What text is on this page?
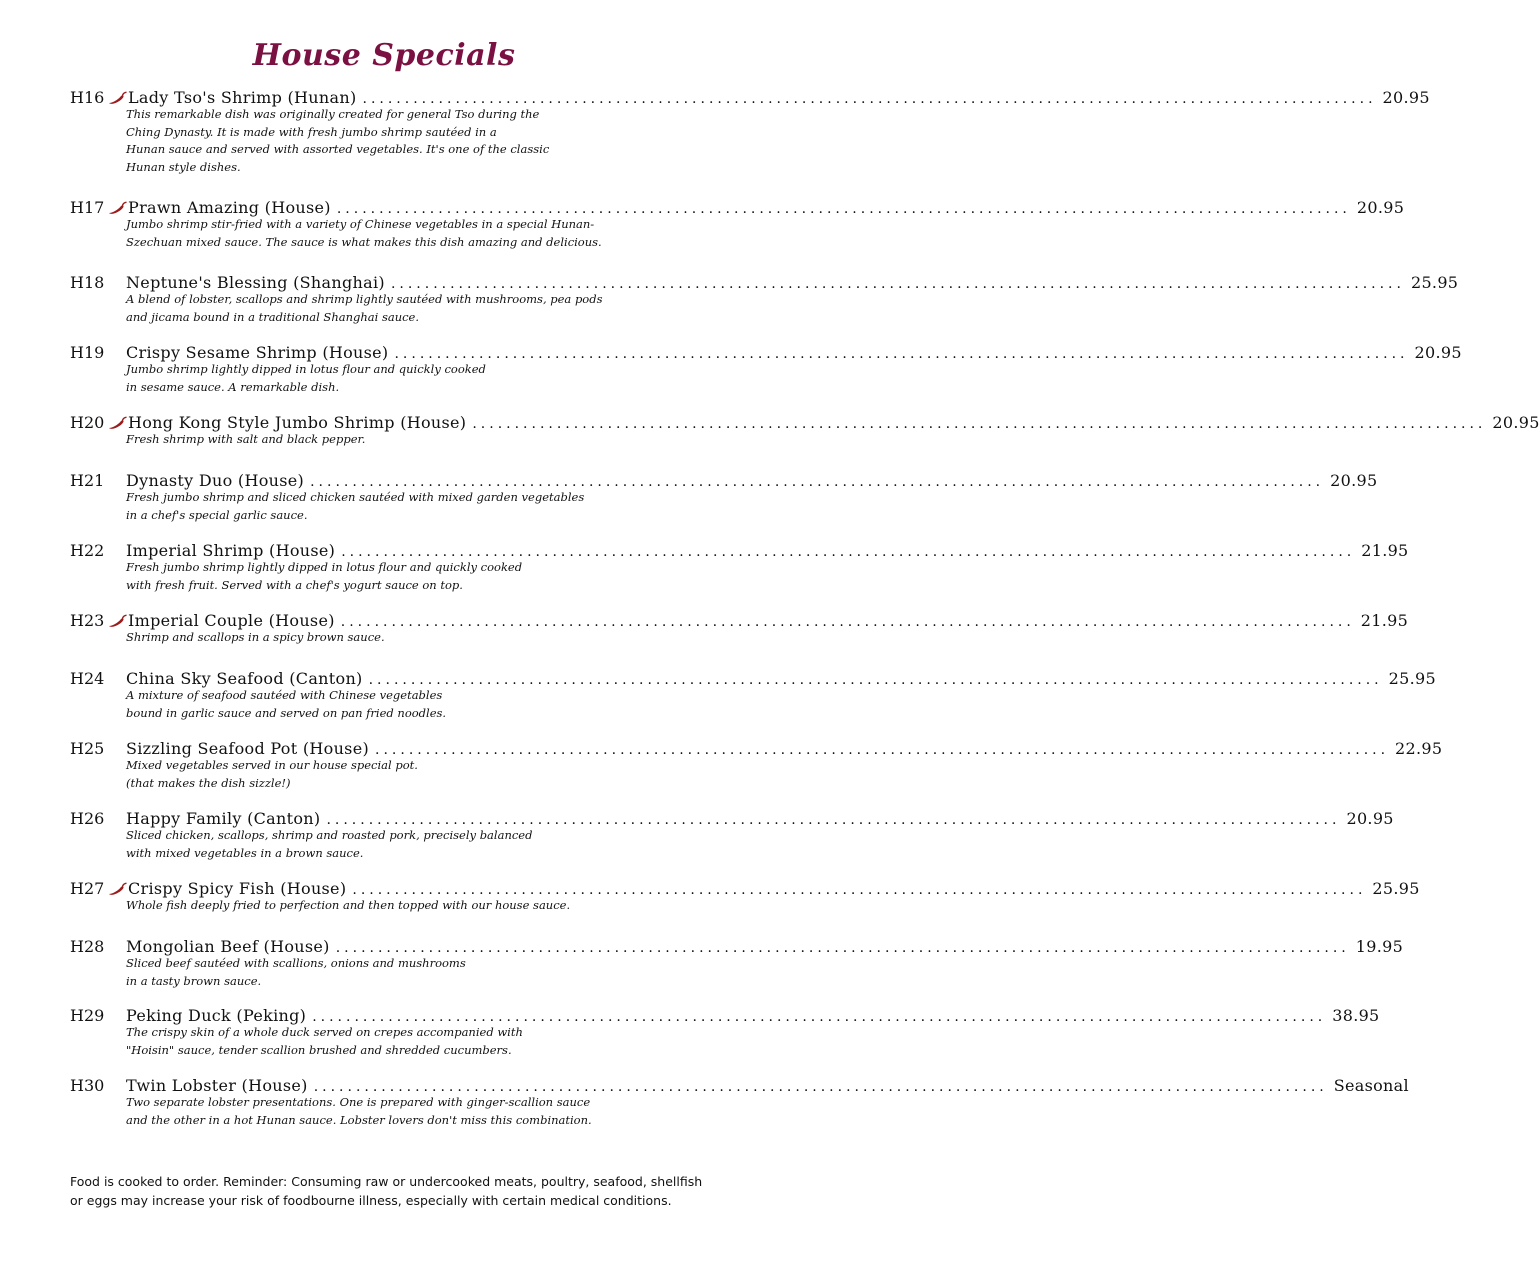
House Specials
H16 Lady Tso's Shrimp (Hunan) ........................................................................................................................ 20.95
This remarkable dish was originally created for general Tso during the
Ching Dynasty. It is made with fresh jumbo shrimp sautéed in a
Hunan sauce and served with assorted vegetables. It's one of the classic
Hunan style dishes.
H17 Prawn Amazing (House) ........................................................................................................................ 20.95
Jumbo shrimp stir-fried with a variety of Chinese vegetables in a special Hunan-
Szechuan mixed sauce. The sauce is what makes this dish amazing and delicious.
H18 Neptune's Blessing (Shanghai) ........................................................................................................................ 25.95
A blend of lobster, scallops and shrimp lightly sautéed with mushrooms, pea pods
and jicama bound in a traditional Shanghai sauce.
H19 Crispy Sesame Shrimp (House) ........................................................................................................................ 20.95
Jumbo shrimp lightly dipped in lotus flour and quickly cooked
in sesame sauce. A remarkable dish.
H20 Hong Kong Style Jumbo Shrimp (House) ........................................................................................................................ 20.95
Fresh shrimp with salt and black pepper.
H21 Dynasty Duo (House) ........................................................................................................................ 20.95
Fresh jumbo shrimp and sliced chicken sautéed with mixed garden vegetables
in a chef's special garlic sauce.
H22 Imperial Shrimp (House) ........................................................................................................................ 21.95
Fresh jumbo shrimp lightly dipped in lotus flour and quickly cooked
with fresh fruit. Served with a chef's yogurt sauce on top.
H23 Imperial Couple (House) ........................................................................................................................ 21.95
Shrimp and scallops in a spicy brown sauce.
H24 China Sky Seafood (Canton) ........................................................................................................................ 25.95
A mixture of seafood sautéed with Chinese vegetables
bound in garlic sauce and served on pan fried noodles.
H25 Sizzling Seafood Pot (House) ........................................................................................................................ 22.95
Mixed vegetables served in our house special pot.
(that makes the dish sizzle!)
H26 Happy Family (Canton) ........................................................................................................................ 20.95
Sliced chicken, scallops, shrimp and roasted pork, precisely balanced
with mixed vegetables in a brown sauce.
H27 Crispy Spicy Fish (House) ........................................................................................................................ 25.95
Whole fish deeply fried to perfection and then topped with our house sauce.
H28 Mongolian Beef (House) ........................................................................................................................ 19.95
Sliced beef sautéed with scallions, onions and mushrooms
in a tasty brown sauce.
H29 Peking Duck (Peking) ........................................................................................................................ 38.95
The crispy skin of a whole duck served on crepes accompanied with
"Hoisin" sauce, tender scallion brushed and shredded cucumbers.
H30 Twin Lobster (House) ........................................................................................................................ Seasonal
Two separate lobster presentations. One is prepared with ginger-scallion sauce
and the other in a hot Hunan sauce. Lobster lovers don't miss this combination.
Food is cooked to order. Reminder: Consuming raw or undercooked meats, poultry, seafood, shellfish
or eggs may increase your risk of foodbourne illness, especially with certain medical conditions.
